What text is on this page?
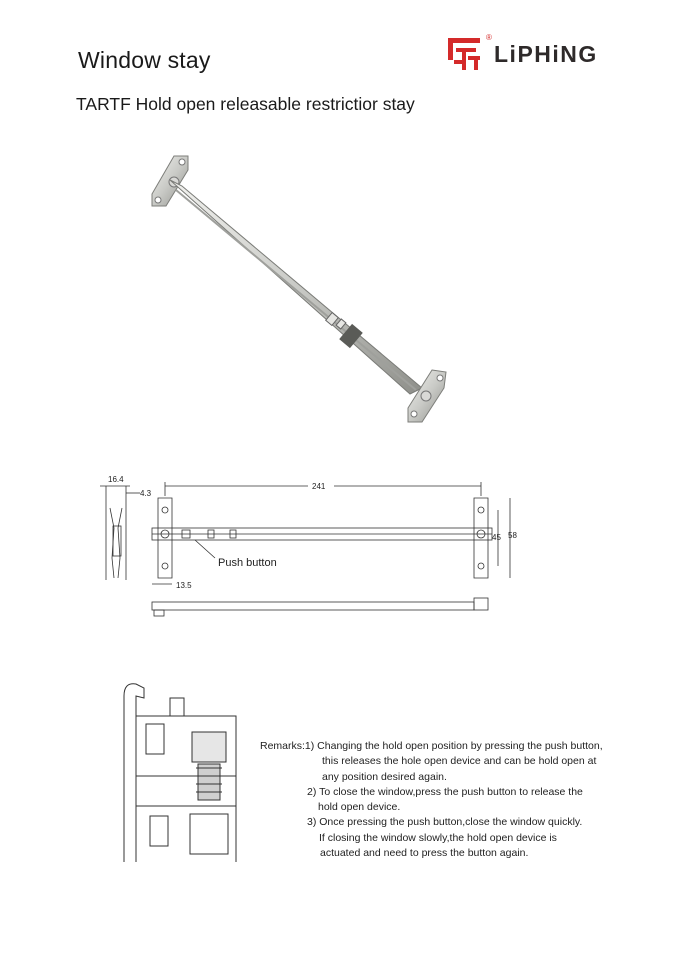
Window stay
TARTF Hold open releasable restrictior stay
LiPHiNG
®
16.4
4.3
241
45 58
13.5
Push button
Remarks:1) Changing the hold open position by pressing the push button,
this releases the hole open device and can be hold open at
any position desired again.
2) To close the window,press the push button to release the
hold open device.
3) Once pressing the push button,close the window quickly.
If closing the window slowly,the hold open device is
actuated and need to press the button again.
